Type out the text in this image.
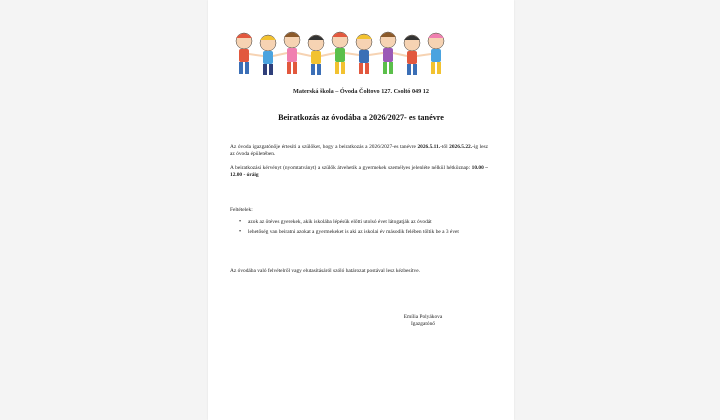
Materská škola – Óvoda Čoltovo 127. Csoltó 049 12
Beiratkozás az óvodába a 2026/2027- es tanévre
Az óvoda igazgatónője értesíti a szülőket, hogy a beiratkozás a 2026/2027-es tanévre 2026.5.11.-től 2026.5.22.-ig lesz az óvoda épületében.
A beiratkozási kérvényt (nyomtatványt) a szülők átvehetik a gyermekek személyes jelenléte nélkül hétköznap: 10.00 – 12.00 - óráig
Feltételek:
• azok az ötéves gyerekek, akik iskolába lépésük előtti utolsó évet látogatják az óvodát
• lehetőség van beiratni azokat a gyermekeket is aki az iskolai év második felében töltik be a 3 évet
Az óvodába való felvételről vagy elutasításáról szóló határozat postával lesz kézbesítve.
Emília Polyákova
Igazgatónő
